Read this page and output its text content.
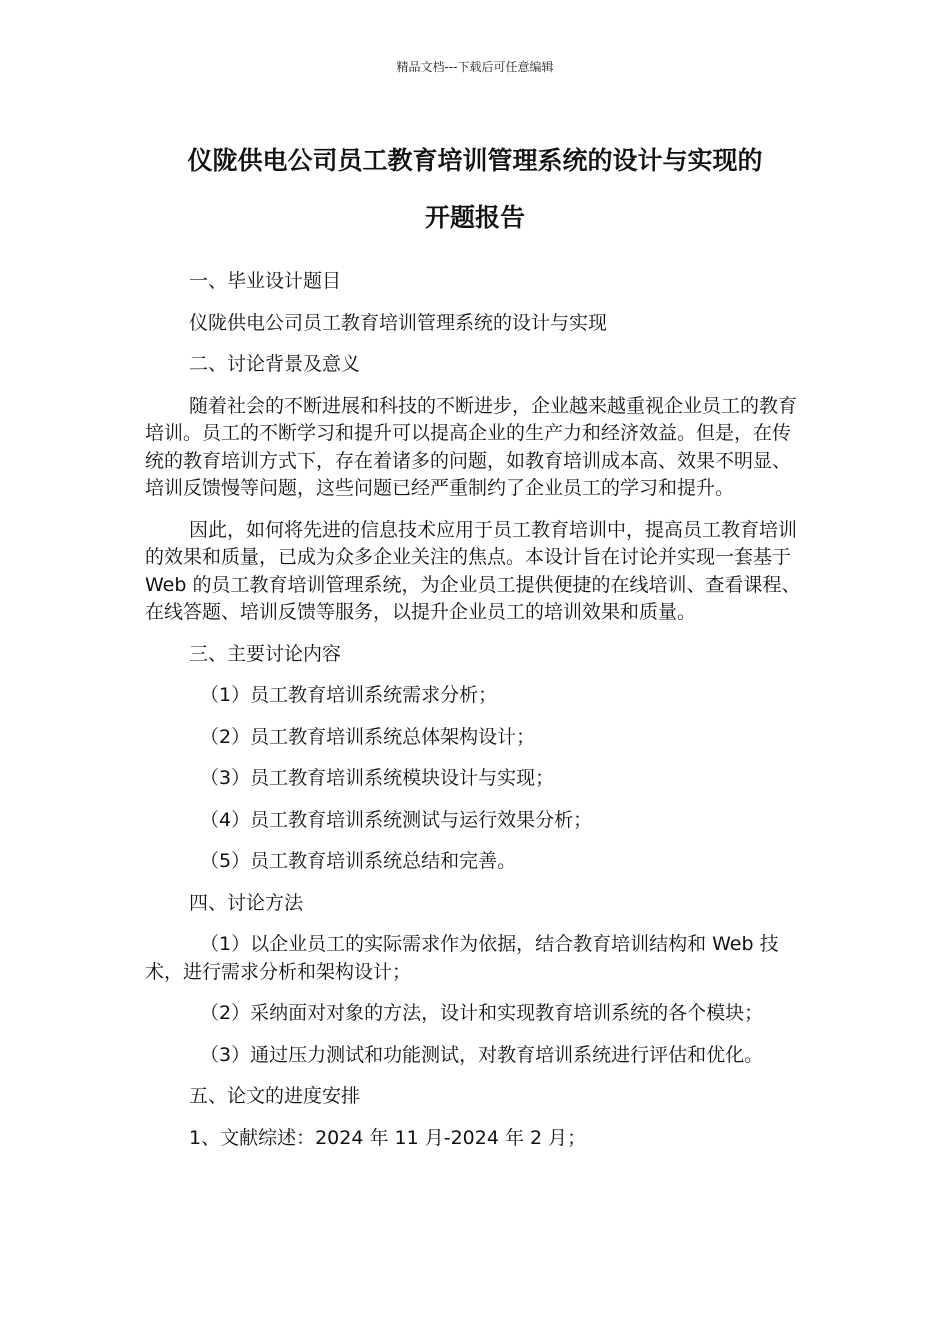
精品文档---下载后可任意编辑
仪陇供电公司员工教育培训管理系统的设计与实现的
开题报告

一、毕业设计题目

仪陇供电公司员工教育培训管理系统的设计与实现

二、讨论背景及意义

随着社会的不断进展和科技的不断进步，企业越来越重视企业员工的教育培训。员工的不断学习和提升可以提高企业的生产力和经济效益。但是，在传统的教育培训方式下，存在着诸多的问题，如教育培训成本高、效果不明显、培训反馈慢等问题，这些问题已经严重制约了企业员工的学习和提升。

因此，如何将先进的信息技术应用于员工教育培训中，提高员工教育培训的效果和质量，已成为众多企业关注的焦点。本设计旨在讨论并实现一套基于 Web 的员工教育培训管理系统，为企业员工提供便捷的在线培训、查看课程、在线答题、培训反馈等服务，以提升企业员工的培训效果和质量。

三、主要讨论内容

（1）员工教育培训系统需求分析；

（2）员工教育培训系统总体架构设计；

（3）员工教育培训系统模块设计与实现；

（4）员工教育培训系统测试与运行效果分析；

（5）员工教育培训系统总结和完善。

四、讨论方法

（1）以企业员工的实际需求作为依据，结合教育培训结构和 Web 技术，进行需求分析和架构设计；

（2）采纳面对对象的方法，设计和实现教育培训系统的各个模块；

（3）通过压力测试和功能测试，对教育培训系统进行评估和优化。

五、论文的进度安排

1、文献综述：2024 年 11 月-2024 年 2 月；
